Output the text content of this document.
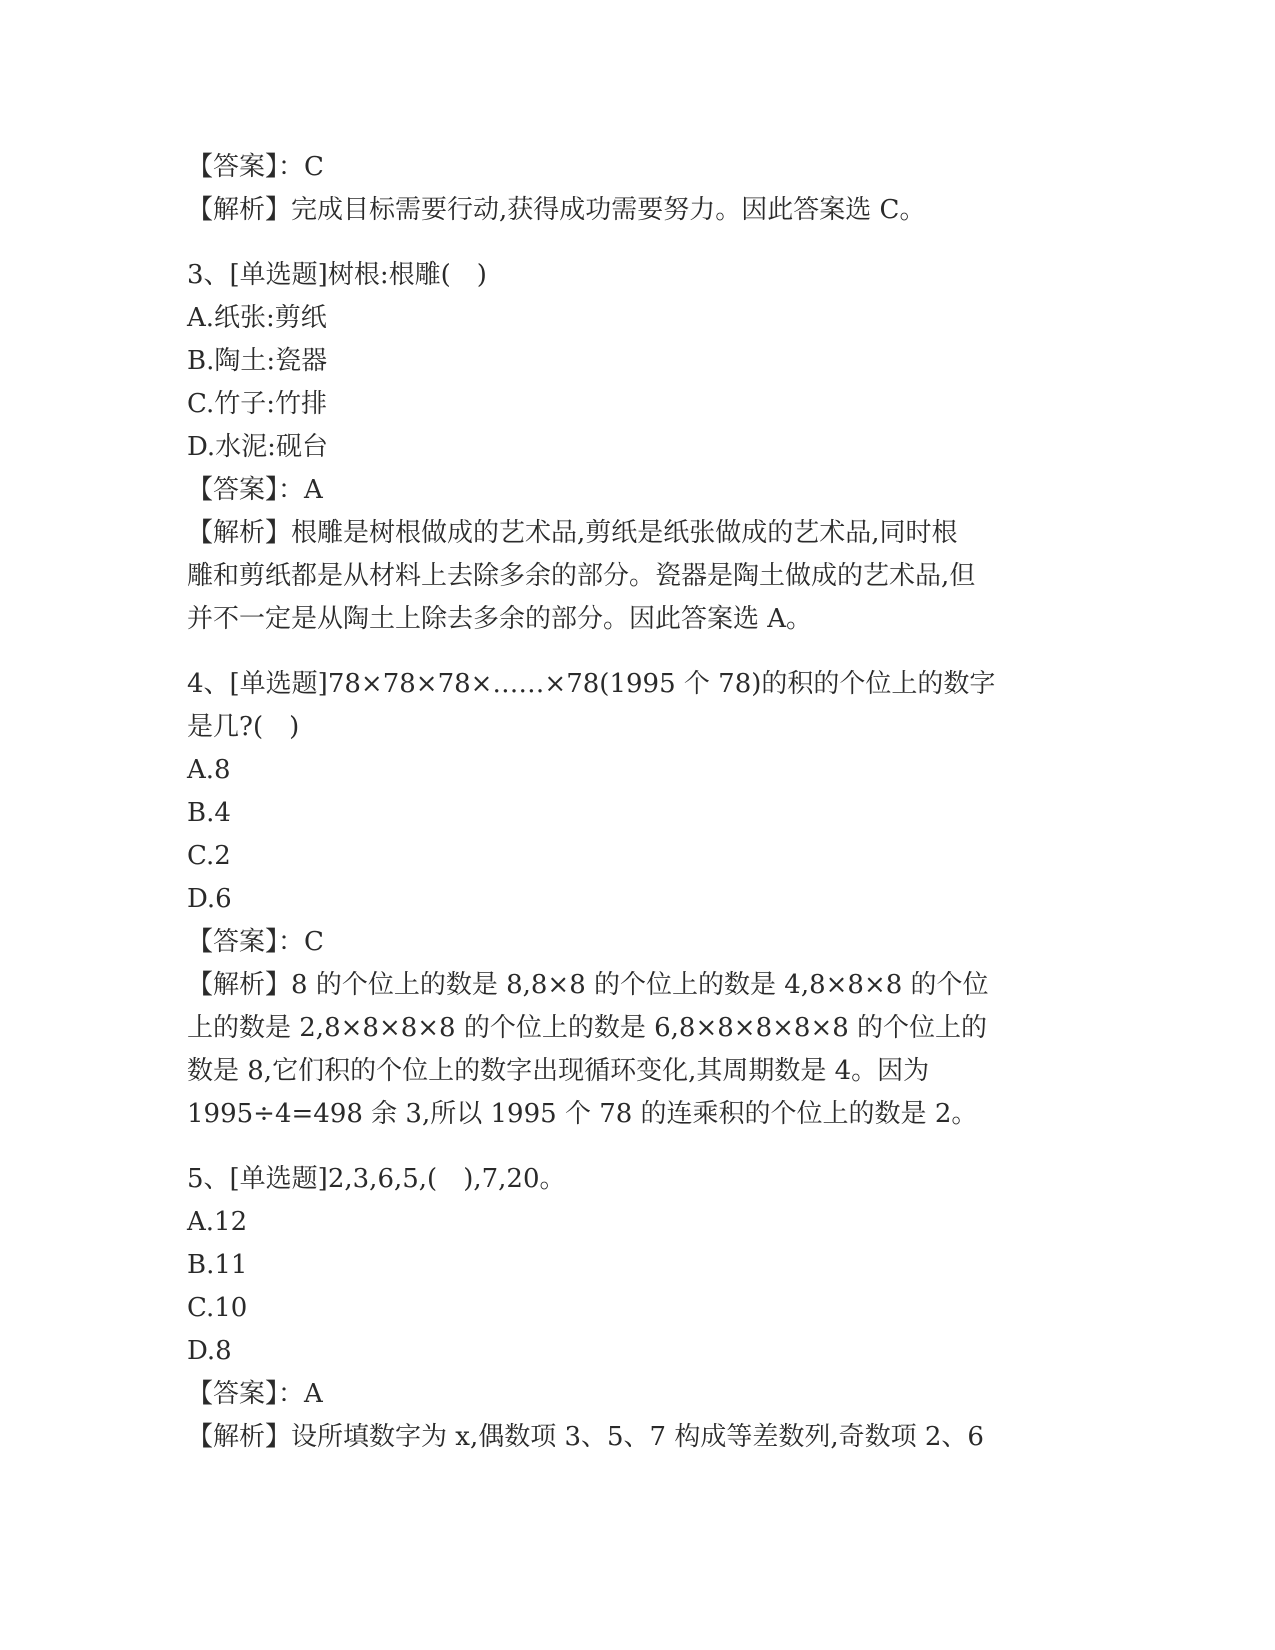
【答案】：C
【解析】完成目标需要行动,获得成功需要努力。因此答案选 C。
3、[单选题]树根:根雕(　)
A.纸张:剪纸
B.陶土:瓷器
C.竹子:竹排
D.水泥:砚台
【答案】：A
【解析】根雕是树根做成的艺术品,剪纸是纸张做成的艺术品,同时根
雕和剪纸都是从材料上去除多余的部分。瓷器是陶土做成的艺术品,但
并不一定是从陶土上除去多余的部分。因此答案选 A。
4、[单选题]78×78×78×……×78(1995 个 78)的积的个位上的数字
是几?(　)
A.8
B.4
C.2
D.6
【答案】：C
【解析】8 的个位上的数是 8,8×8 的个位上的数是 4,8×8×8 的个位
上的数是 2,8×8×8×8 的个位上的数是 6,8×8×8×8×8 的个位上的
数是 8,它们积的个位上的数字出现循环变化,其周期数是 4。因为
1995÷4=498 余 3,所以 1995 个 78 的连乘积的个位上的数是 2。
5、[单选题]2,3,6,5,(　),7,20。
A.12
B.11
C.10
D.8
【答案】：A
【解析】设所填数字为 x,偶数项 3、5、7 构成等差数列,奇数项 2、6
